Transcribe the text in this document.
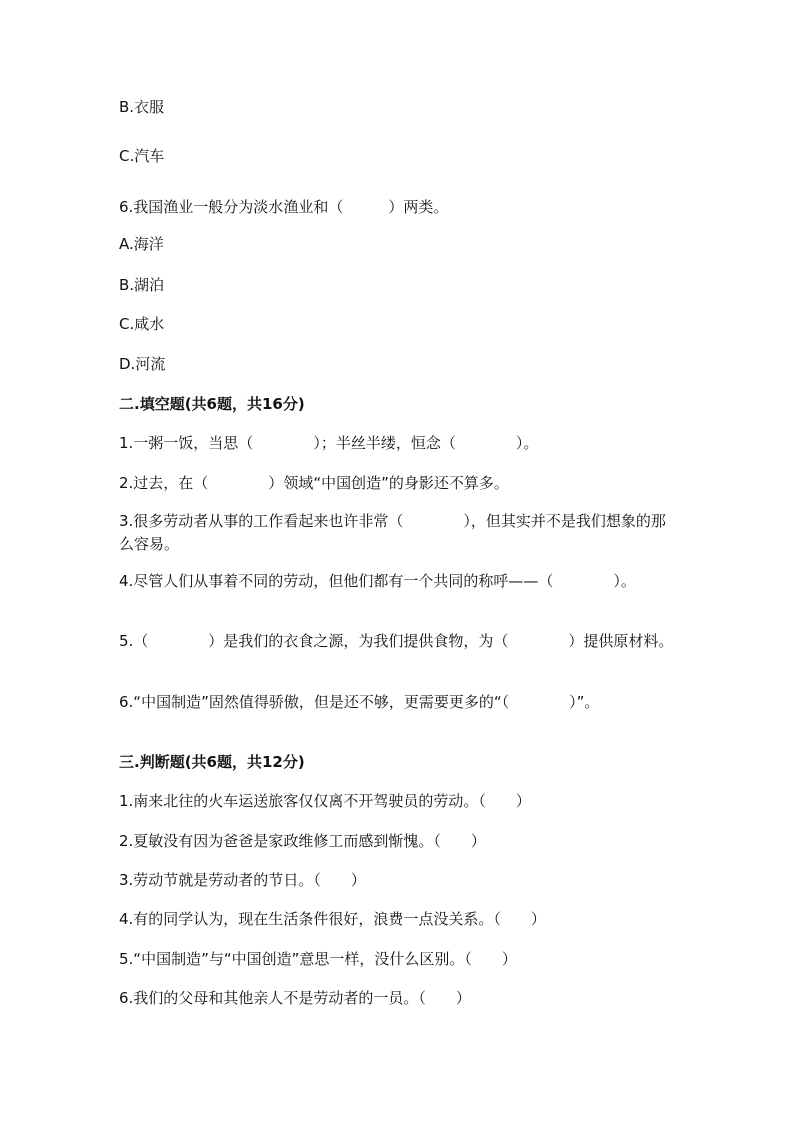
B.衣服
C.汽车
6.我国渔业一般分为淡水渔业和（　　　）两类。
A.海洋
B.湖泊
C.咸水
D.河流
二.填空题(共6题，共16分)
1.一粥一饭，当思（　　　　）；半丝半缕，恒念（　　　　）。
2.过去，在（　　　　）领域“中国创造”的身影还不算多。
3.很多劳动者从事的工作看起来也许非常（　　　　），但其实并不是我们想象的那么容易。
4.尽管人们从事着不同的劳动，但他们都有一个共同的称呼——（　　　　）。
5.（　　　　）是我们的衣食之源，为我们提供食物，为（　　　　）提供原材料。
6.“中国制造”固然值得骄傲，但是还不够，更需要更多的“（　　　　）”。
三.判断题(共6题，共12分)
1.南来北往的火车运送旅客仅仅离不开驾驶员的劳动。（　　）
2.夏敏没有因为爸爸是家政维修工而感到惭愧。（　　）
3.劳动节就是劳动者的节日。（　　）
4.有的同学认为，现在生活条件很好，浪费一点没关系。（　　）
5.“中国制造”与“中国创造”意思一样，没什么区别。（　　）
6.我们的父母和其他亲人不是劳动者的一员。（　　）
